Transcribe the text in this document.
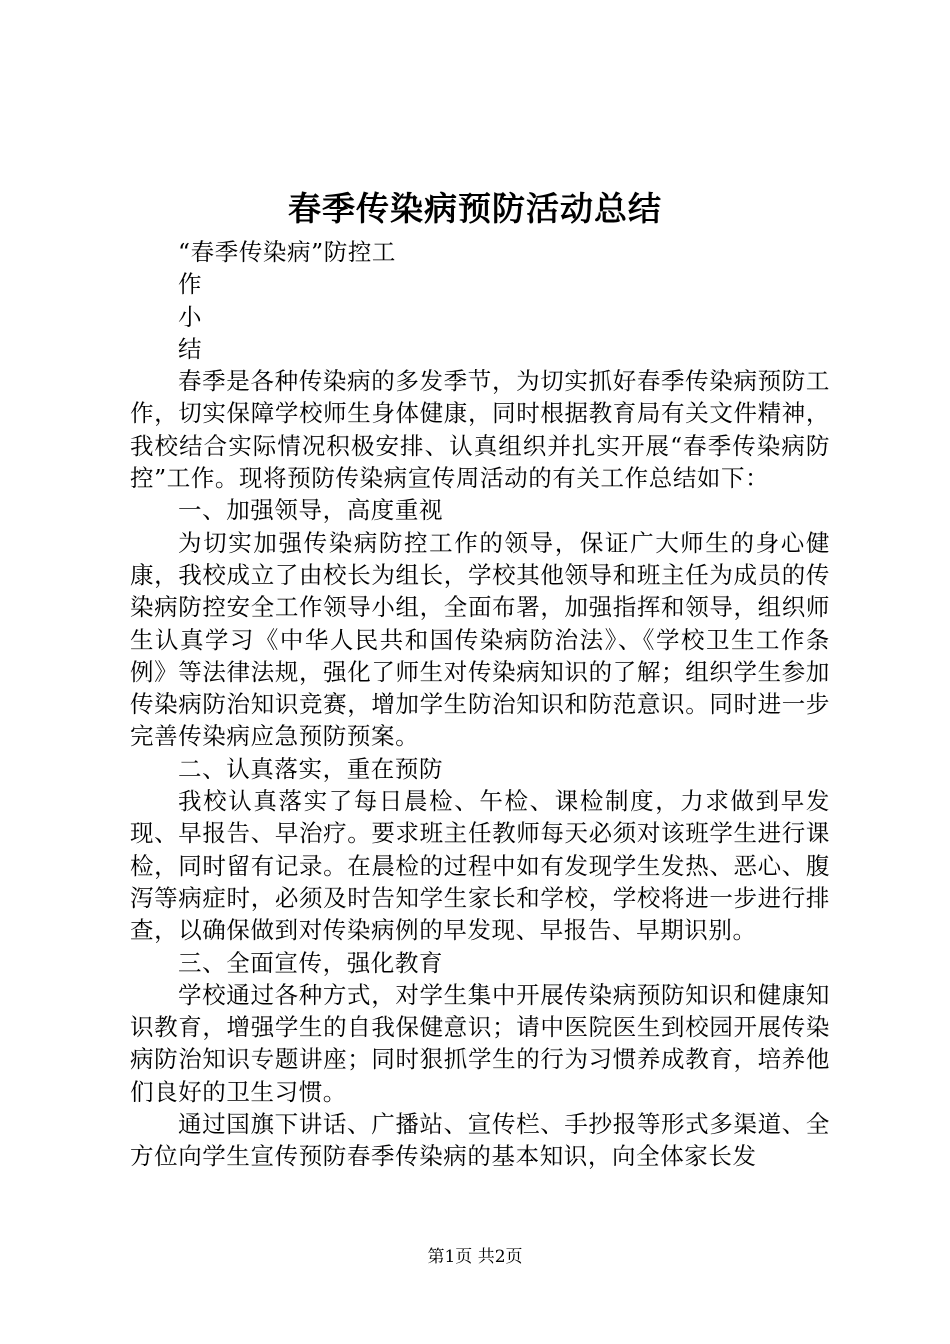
春季传染病预防活动总结

“春季传染病”防控工

作

小

结

春季是各种传染病的多发季节，为切实抓好春季传染病预防工作，切实保障学校师生身体健康，同时根据教育局有关文件精神，我校结合实际情况积极安排、认真组织并扎实开展“春季传染病防控”工作。现将预防传染病宣传周活动的有关工作总结如下：

一、加强领导，高度重视

为切实加强传染病防控工作的领导，保证广大师生的身心健康，我校成立了由校长为组长，学校其他领导和班主任为成员的传染病防控安全工作领导小组，全面布署，加强指挥和领导，组织师生认真学习《中华人民共和国传染病防治法》、《学校卫生工作条例》等法律法规，强化了师生对传染病知识的了解；组织学生参加传染病防治知识竞赛，增加学生防治知识和防范意识。同时进一步完善传染病应急预防预案。

二、认真落实，重在预防

我校认真落实了每日晨检、午检、课检制度，力求做到早发现、早报告、早治疗。要求班主任教师每天必须对该班学生进行课检，同时留有记录。在晨检的过程中如有发现学生发热、恶心、腹泻等病症时，必须及时告知学生家长和学校，学校将进一步进行排查，以确保做到对传染病例的早发现、早报告、早期识别。

三、全面宣传，强化教育

学校通过各种方式，对学生集中开展传染病预防知识和健康知识教育，增强学生的自我保健意识；请中医院医生到校园开展传染病防治知识专题讲座；同时狠抓学生的行为习惯养成教育，培养他们良好的卫生习惯。

通过国旗下讲话、广播站、宣传栏、手抄报等形式多渠道、全方位向学生宣传预防春季传染病的基本知识，向全体家长发

第1页 共2页
